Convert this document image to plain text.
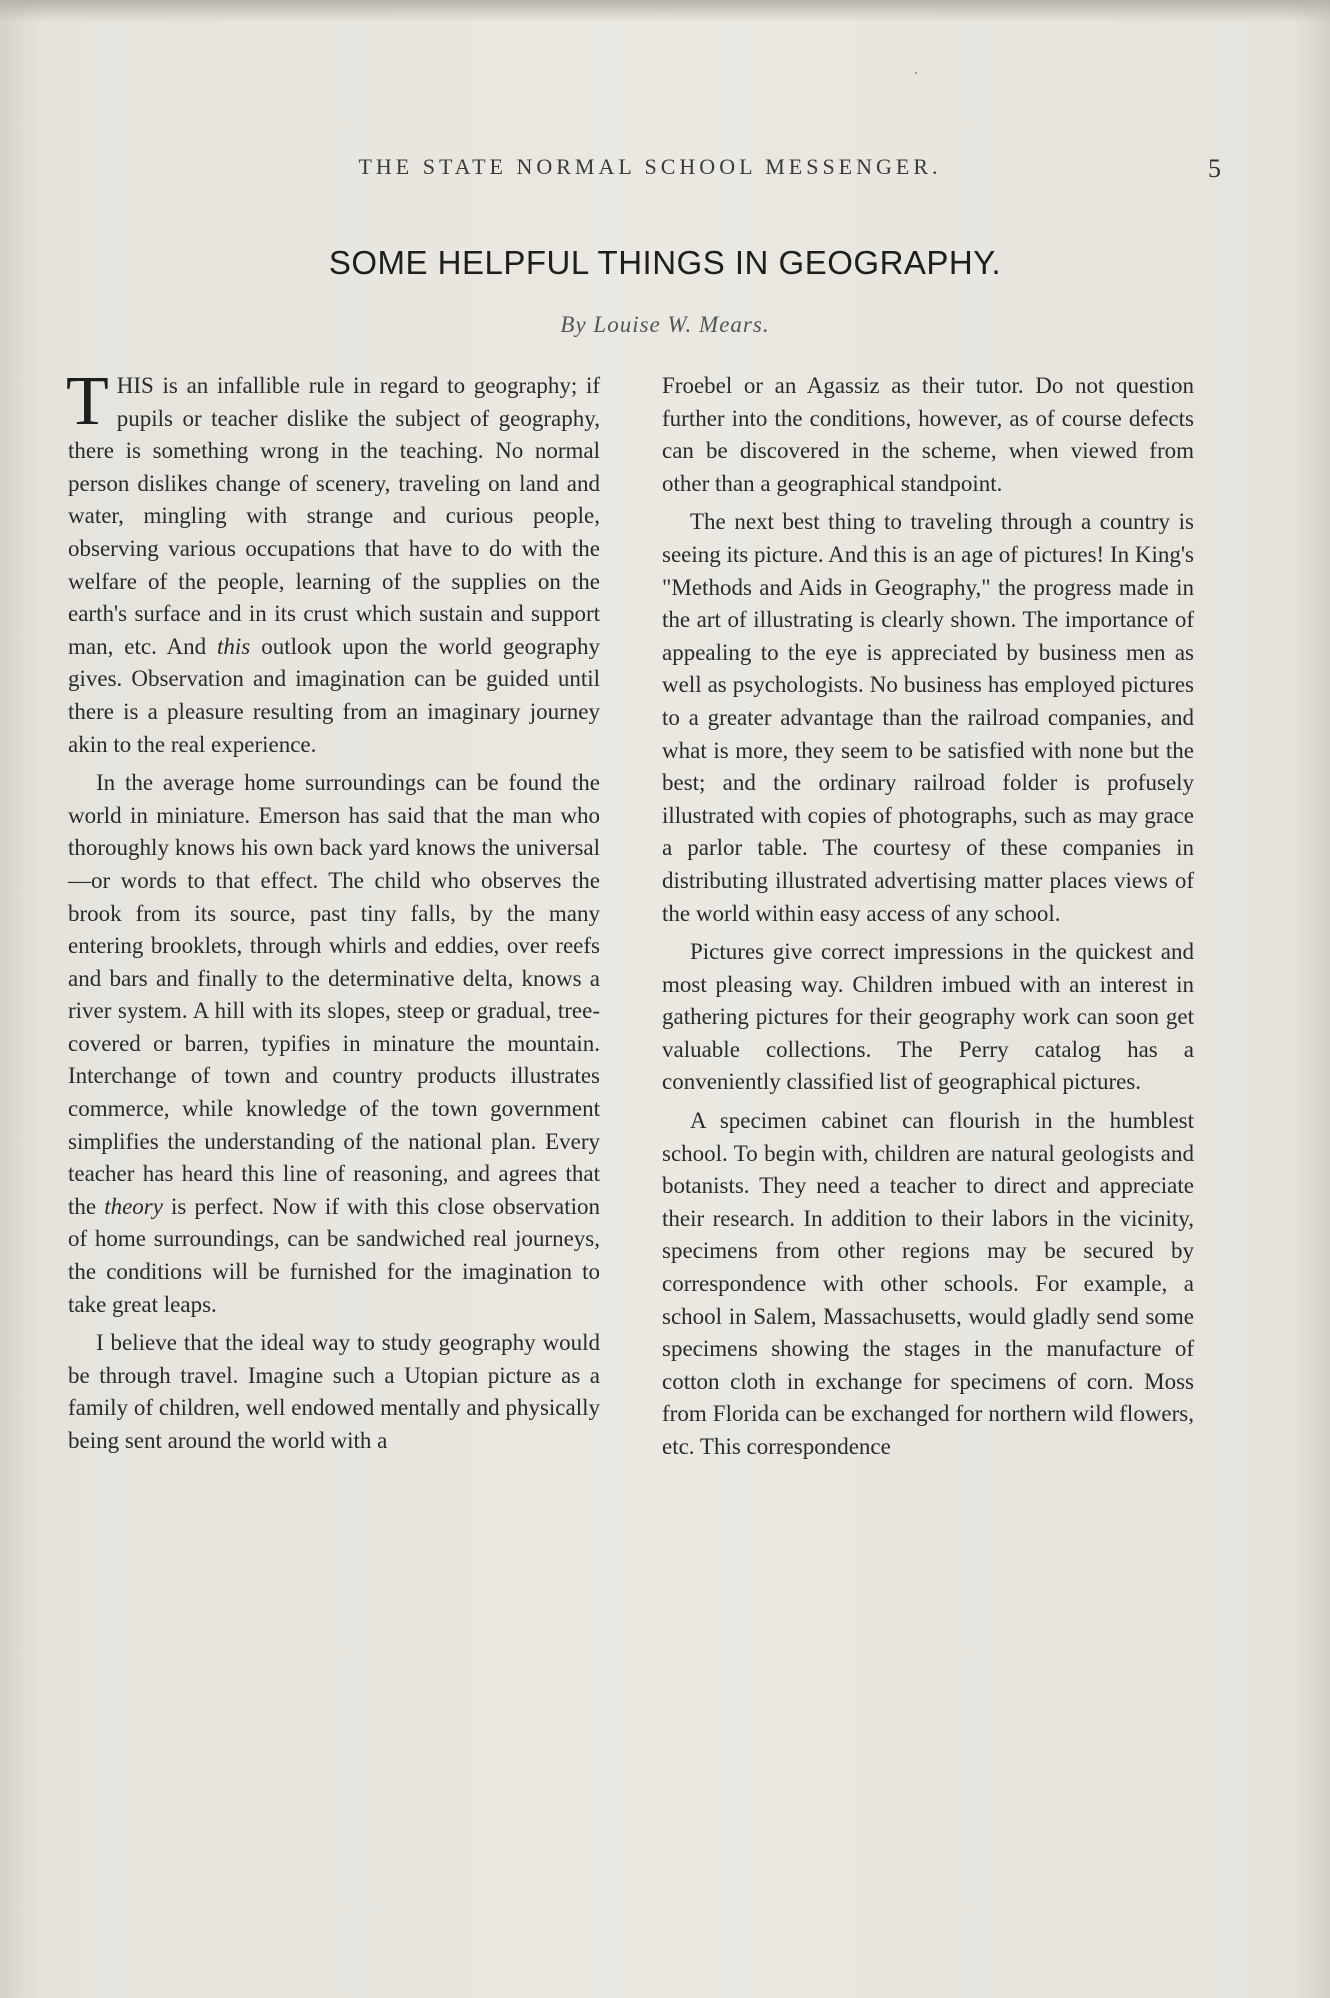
THE STATE NORMAL SCHOOL MESSENGER.	5
SOME HELPFUL THINGS IN GEOGRAPHY.
By Louise W. Mears.

THIS is an infallible rule in regard to geography; if pupils or teacher dislike the subject of geography, there is something wrong in the teaching. No normal person dislikes change of scenery, traveling on land and water, mingling with strange and curious people, observing various occupations that have to do with the welfare of the people, learning of the supplies on the earth's surface and in its crust which sustain and support man, etc. And this outlook upon the world geography gives. Observation and imagination can be guided until there is a pleasure resulting from an imaginary journey akin to the real experience.

In the average home surroundings can be found the world in miniature. Emerson has said that the man who thoroughly knows his own back yard knows the universal—or words to that effect. The child who observes the brook from its source, past tiny falls, by the many entering brooklets, through whirls and eddies, over reefs and bars and finally to the determinative delta, knows a river system. A hill with its slopes, steep or gradual, tree-covered or barren, typifies in minature the mountain. Interchange of town and country products illustrates commerce, while knowledge of the town government simplifies the understanding of the national plan. Every teacher has heard this line of reasoning, and agrees that the theory is perfect. Now if with this close observation of home surroundings, can be sandwiched real journeys, the conditions will be furnished for the imagination to take great leaps.

I believe that the ideal way to study geography would be through travel. Imagine such a Utopian picture as a family of children, well endowed mentally and physically being sent around the world with a

Froebel or an Agassiz as their tutor. Do not question further into the conditions, however, as of course defects can be discovered in the scheme, when viewed from other than a geographical standpoint.

The next best thing to traveling through a country is seeing its picture. And this is an age of pictures! In King's "Methods and Aids in Geography," the progress made in the art of illustrating is clearly shown. The importance of appealing to the eye is appreciated by business men as well as psychologists. No business has employed pictures to a greater advantage than the railroad companies, and what is more, they seem to be satisfied with none but the best; and the ordinary railroad folder is profusely illustrated with copies of photographs, such as may grace a parlor table. The courtesy of these companies in distributing illustrated advertising matter places views of the world within easy access of any school.

Pictures give correct impressions in the quickest and most pleasing way. Children imbued with an interest in gathering pictures for their geography work can soon get valuable collections. The Perry catalog has a conveniently classified list of geographical pictures.

A specimen cabinet can flourish in the humblest school. To begin with, children are natural geologists and botanists. They need a teacher to direct and appreciate their research. In addition to their labors in the vicinity, specimens from other regions may be secured by correspondence with other schools. For example, a school in Salem, Massachusetts, would gladly send some specimens showing the stages in the manufacture of cotton cloth in exchange for specimens of corn. Moss from Florida can be exchanged for northern wild flowers, etc. This correspondence
